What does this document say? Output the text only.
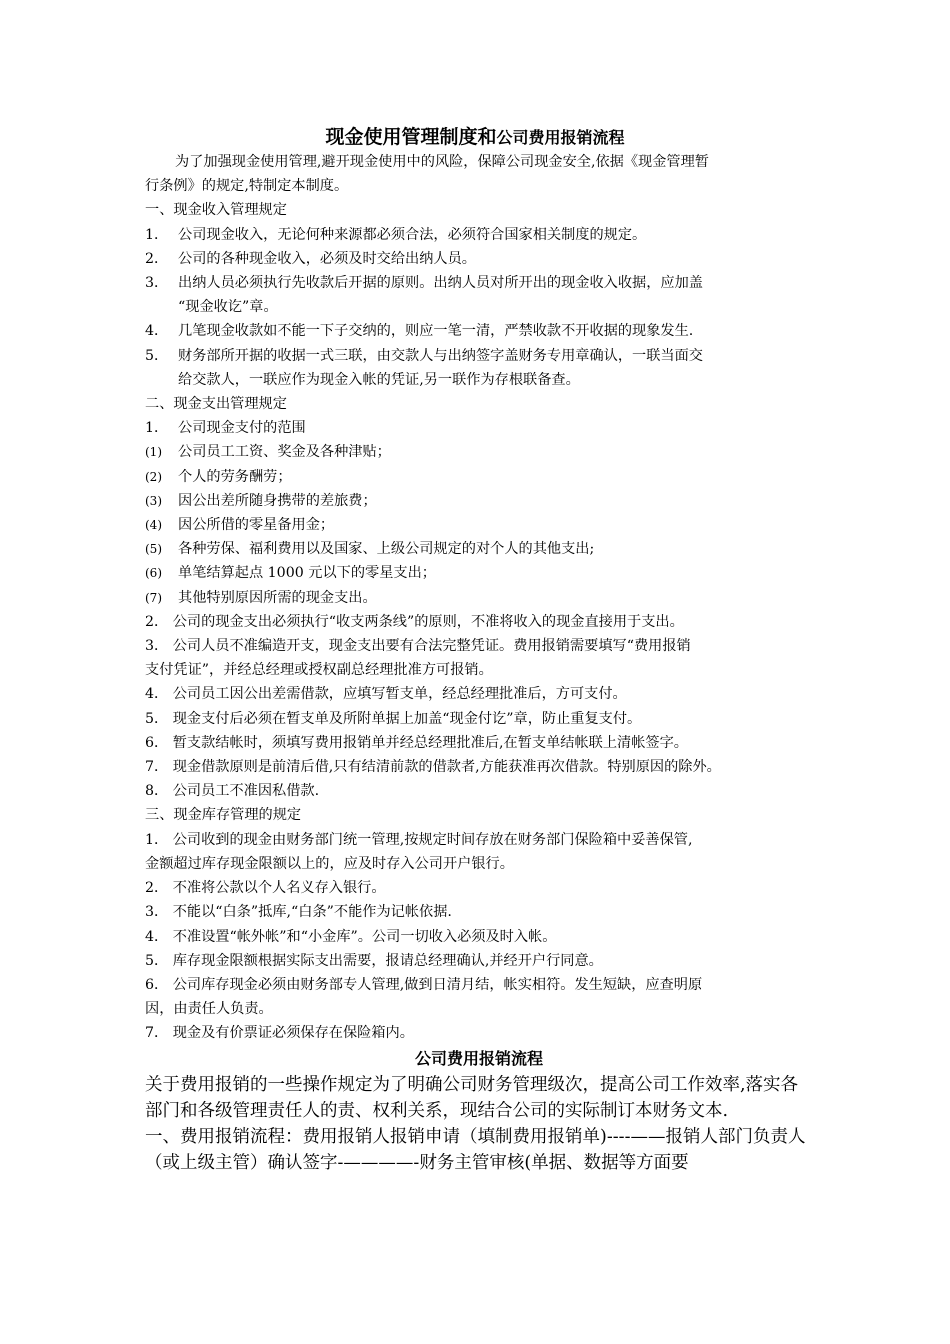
现金使用管理制度和公司费用报销流程

为了加强现金使用管理,避开现金使用中的风险，保障公司现金安全,依据《现金管理暂

行条例》的规定,特制定本制度。

一、现金收入管理规定

1． 公司现金收入，无论何种来源都必须合法，必须符合国家相关制度的规定。

2． 公司的各种现金收入，必须及时交给出纳人员。

3． 出纳人员必须执行先收款后开据的原则。出纳人员对所开出的现金收入收据，应加盖

“现金收讫”章。

4． 几笔现金收款如不能一下子交纳的，则应一笔一清，严禁收款不开收据的现象发生.

5． 财务部所开据的收据一式三联，由交款人与出纳签字盖财务专用章确认，一联当面交

给交款人，一联应作为现金入帐的凭证,另一联作为存根联备查。

二、现金支出管理规定

1． 公司现金支付的范围

(1) 公司员工工资、奖金及各种津贴；

(2) 个人的劳务酬劳；

(3) 因公出差所随身携带的差旅费；

(4) 因公所借的零星备用金；

(5) 各种劳保、福利费用以及国家、上级公司规定的对个人的其他支出;

(6) 单笔结算起点 1000 元以下的零星支出；

(7) 其他特别原因所需的现金支出。

2． 公司的现金支出必须执行“收支两条线”的原则，不准将收入的现金直接用于支出。

3． 公司人员不准编造开支，现金支出要有合法完整凭证。费用报销需要填写“费用报销

支付凭证”，并经总经理或授权副总经理批准方可报销。

4． 公司员工因公出差需借款，应填写暂支单，经总经理批准后，方可支付。

5． 现金支付后必须在暂支单及所附单据上加盖“现金付讫”章，防止重复支付。

6． 暂支款结帐时，须填写费用报销单并经总经理批准后,在暂支单结帐联上清帐签字。

7． 现金借款原则是前清后借,只有结清前款的借款者,方能获准再次借款。特别原因的除外。

8． 公司员工不准因私借款.

三、现金库存管理的规定

1． 公司收到的现金由财务部门统一管理,按规定时间存放在财务部门保险箱中妥善保管,

金额超过库存现金限额以上的，应及时存入公司开户银行。

2． 不准将公款以个人名义存入银行。

3． 不能以“白条”抵库,“白条”不能作为记帐依据.

4． 不准设置“帐外帐”和“小金库”。公司一切收入必须及时入帐。

5． 库存现金限额根据实际支出需要，报请总经理确认,并经开户行同意。

6． 公司库存现金必须由财务部专人管理,做到日清月结，帐实相符。发生短缺，应查明原

因，由责任人负责。

7． 现金及有价票证必须保存在保险箱内。

公司费用报销流程

关于费用报销的一些操作规定为了明确公司财务管理级次，提高公司工作效率,落实各部门和各级管理责任人的责、权利关系，现结合公司的实际制订本财务文本.

一、费用报销流程：费用报销人报销申请（填制费用报销单)----——报销人部门负责人（或上级主管）确认签字-————-财务主管审核(单据、数据等方面要
